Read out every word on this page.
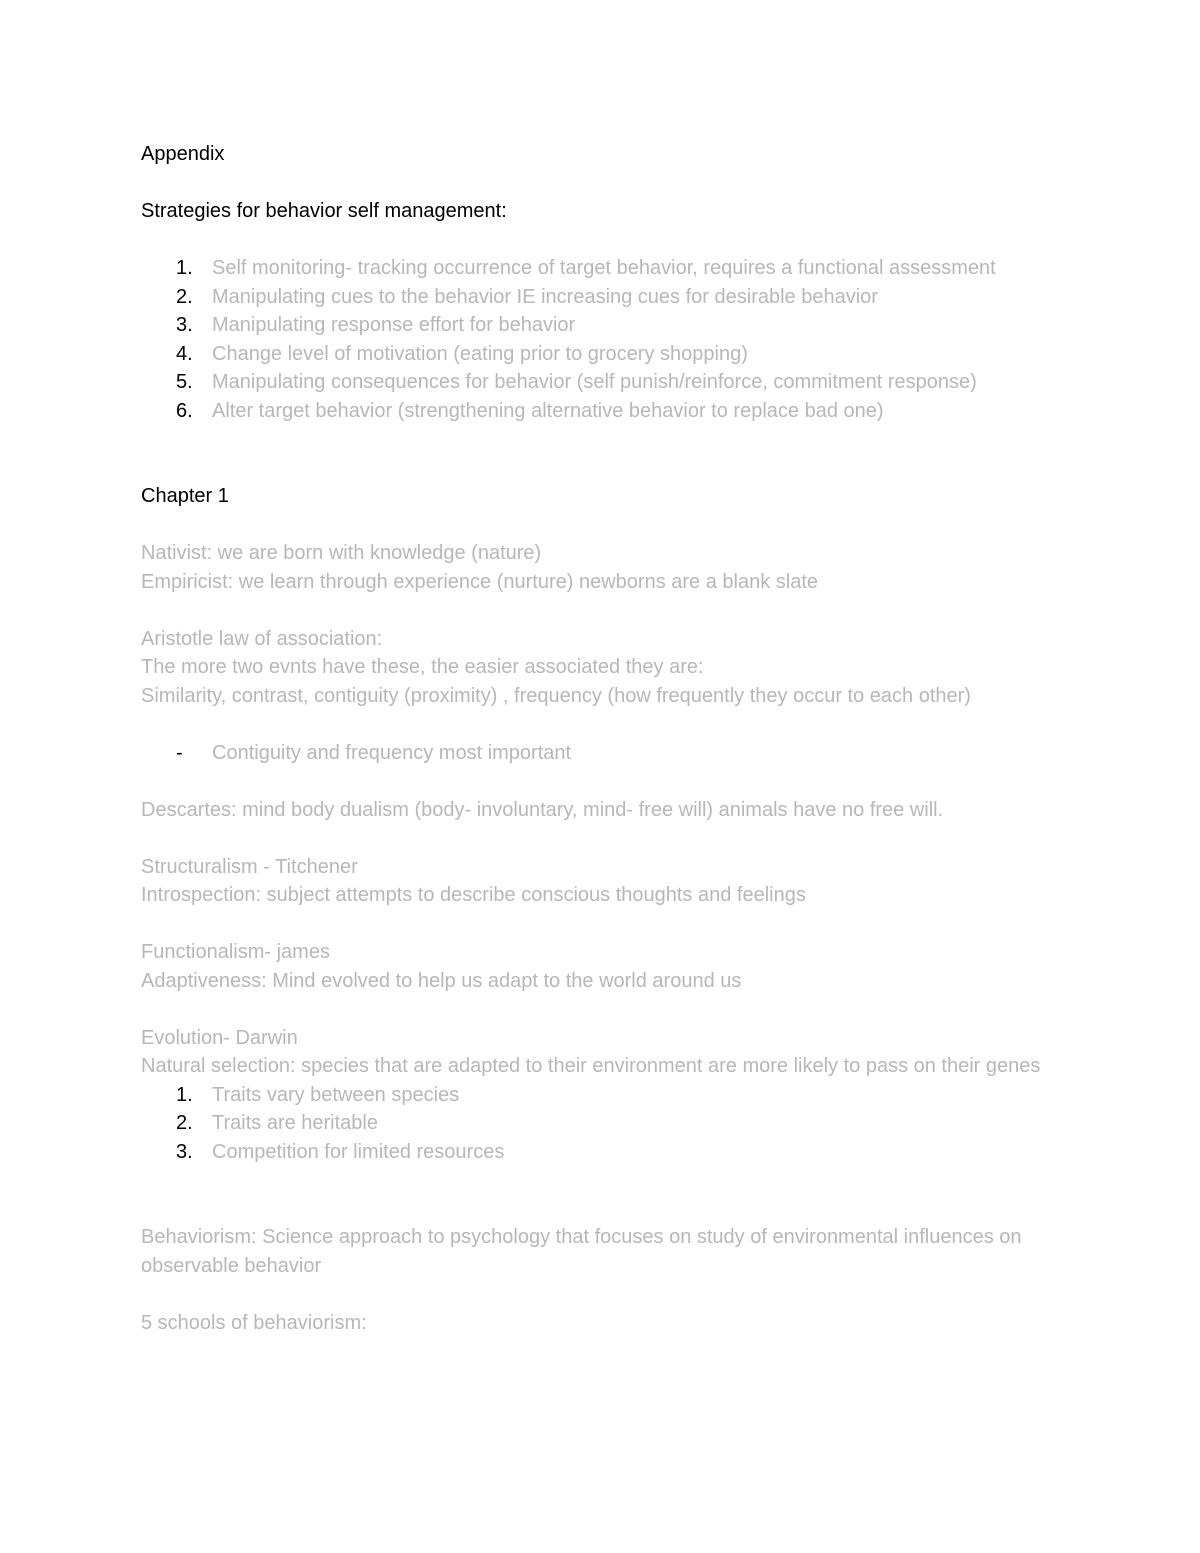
Appendix
Strategies for behavior self management:
1. Self monitoring- tracking occurrence of target behavior, requires a functional assessment
2. Manipulating cues to the behavior IE increasing cues for desirable behavior
3. Manipulating response effort for behavior
4. Change level of motivation (eating prior to grocery shopping)
5. Manipulating consequences for behavior (self punish/reinforce, commitment response)
6. Alter target behavior (strengthening alternative behavior to replace bad one)
Chapter 1
Nativist: we are born with knowledge (nature)
Empiricist: we learn through experience (nurture) newborns are a blank slate
Aristotle law of association:
The more two evnts have these, the easier associated they are:
Similarity, contrast, contiguity (proximity) , frequency (how frequently they occur to each other)
- Contiguity and frequency most important
Descartes: mind body dualism (body- involuntary, mind- free will) animals have no free will.
Structuralism - Titchener
Introspection: subject attempts to describe conscious thoughts and feelings
Functionalism- james
Adaptiveness: Mind evolved to help us adapt to the world around us
Evolution- Darwin
Natural selection: species that are adapted to their environment are more likely to pass on their genes
1. Traits vary between species
2. Traits are heritable
3. Competition for limited resources
Behaviorism: Science approach to psychology that focuses on study of environmental influences on observable behavior
5 schools of behaviorism:
